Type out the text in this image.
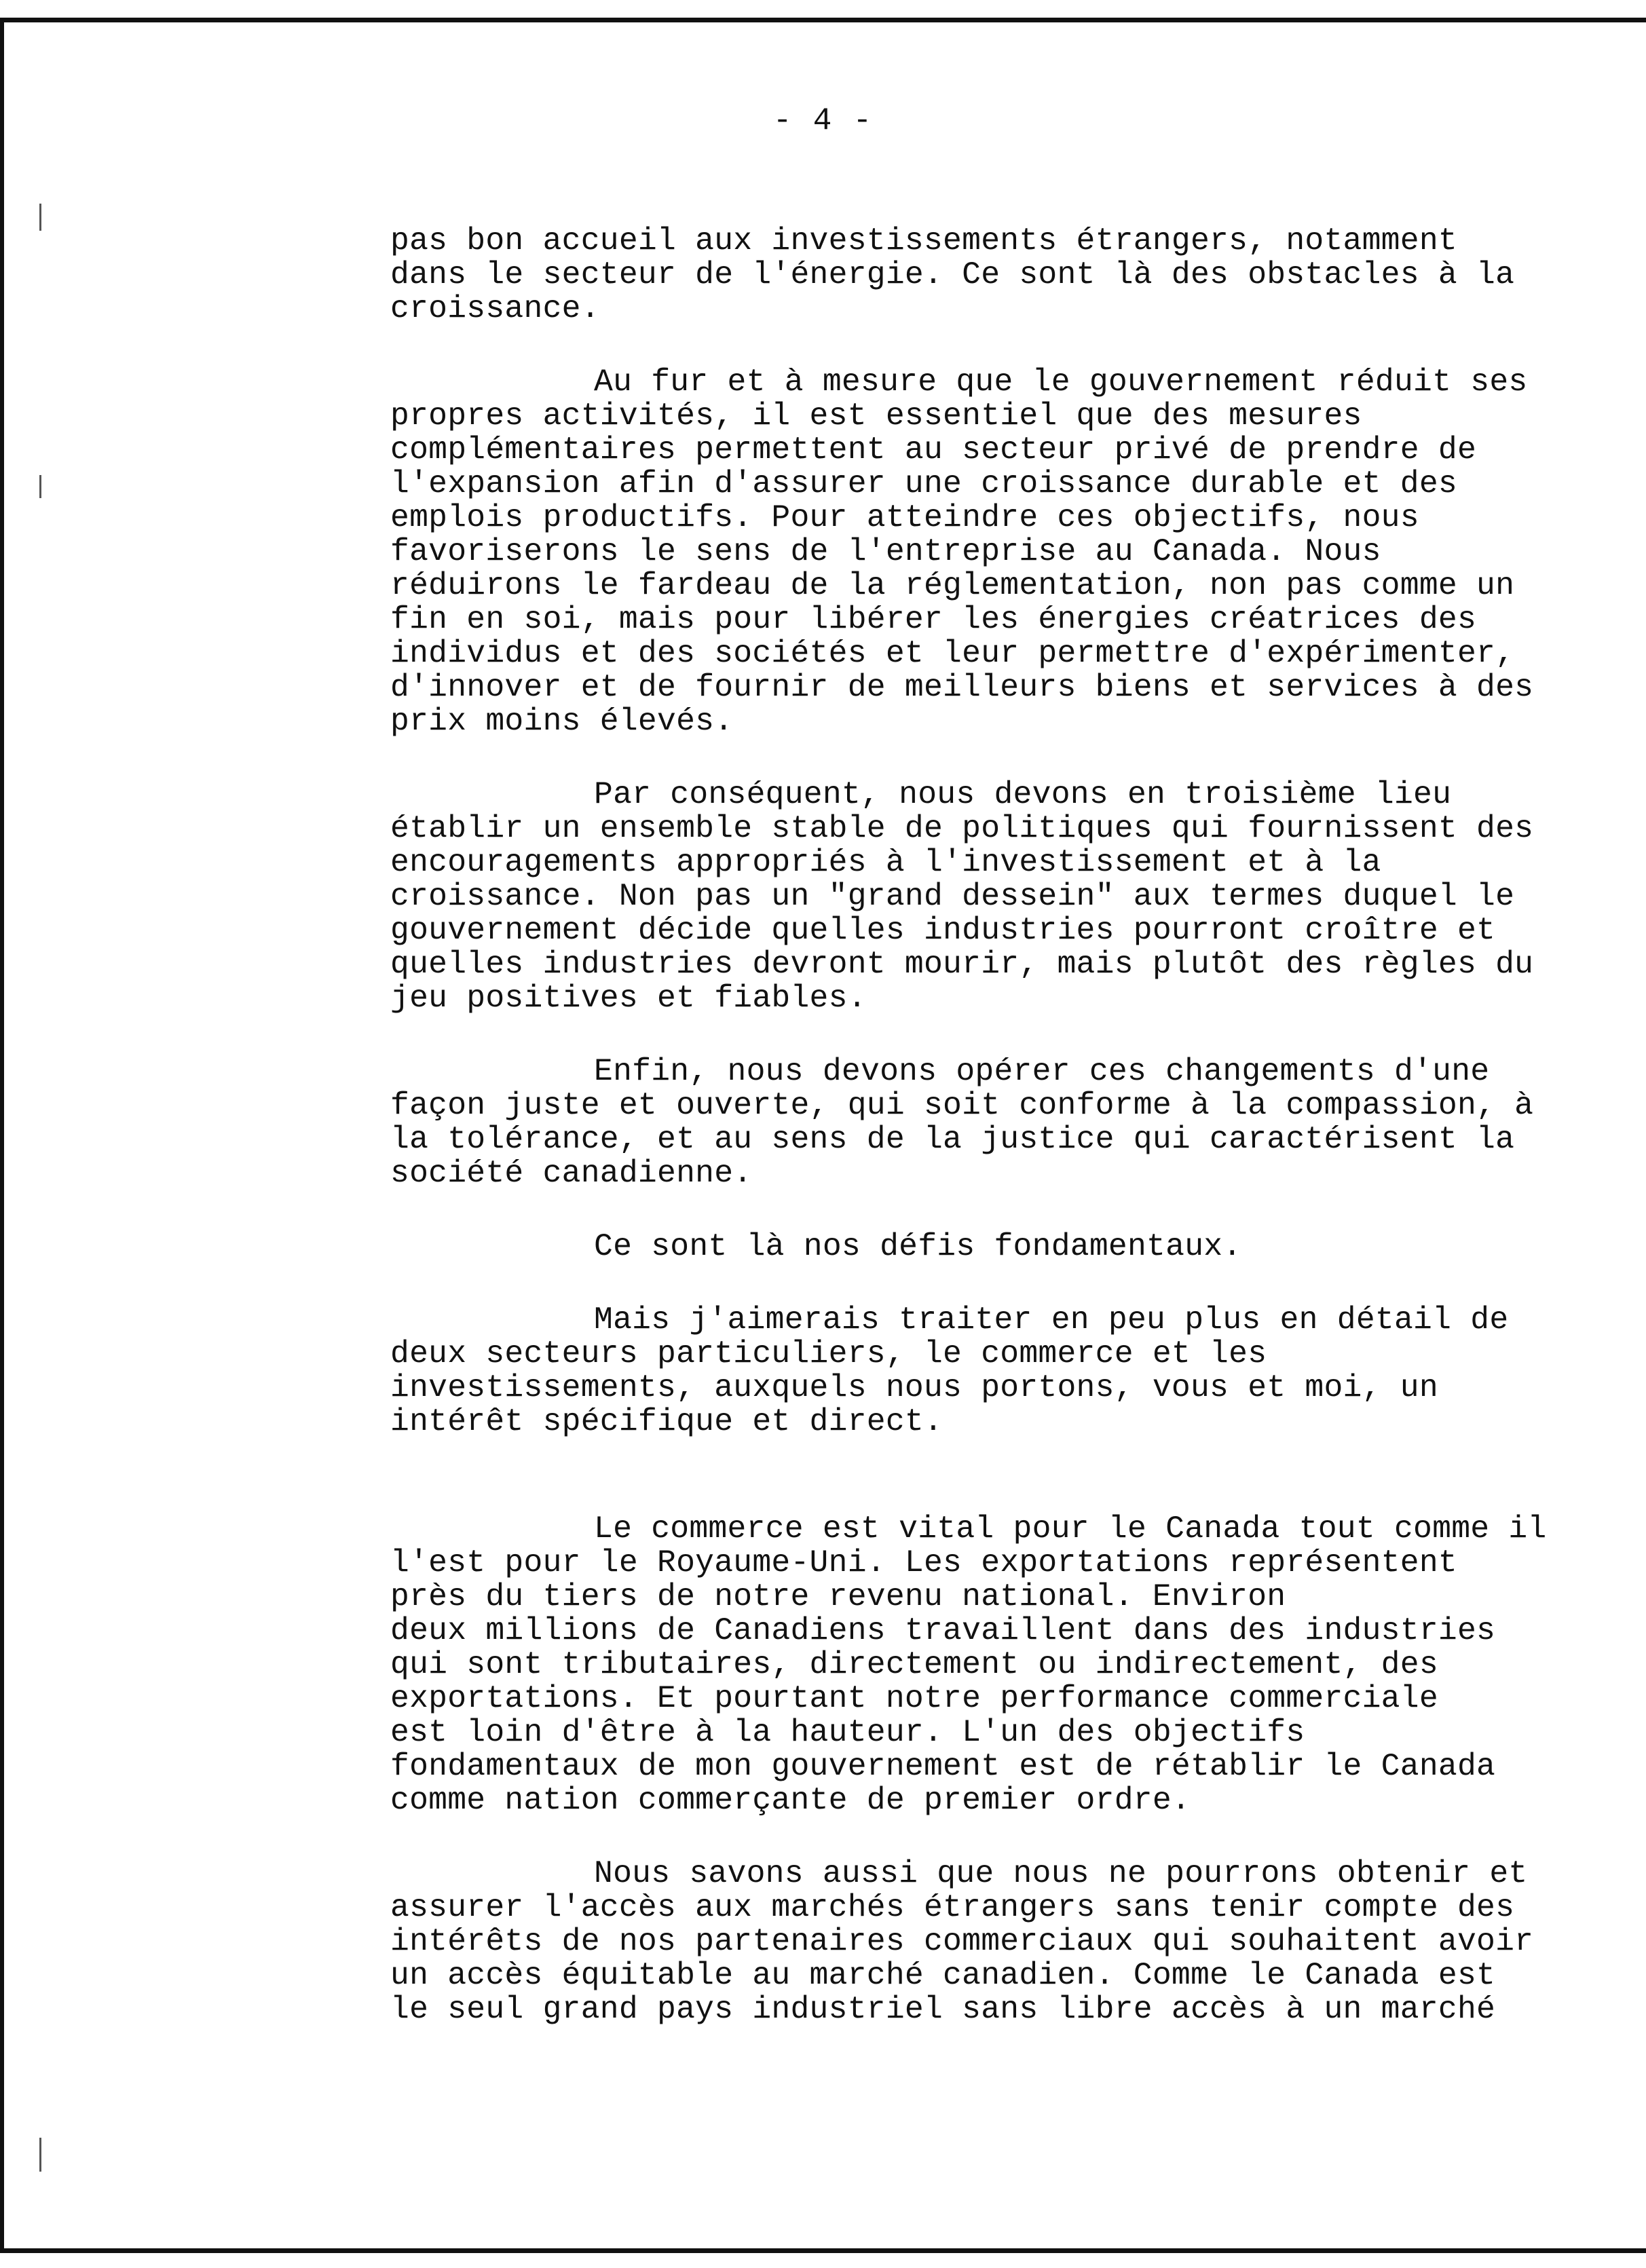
- 4 -

pas bon accueil aux investissements étrangers, notamment
dans le secteur de l'énergie. Ce sont là des obstacles à la
croissance.

Au fur et à mesure que le gouvernement réduit ses
propres activités, il est essentiel que des mesures
complémentaires permettent au secteur privé de prendre de
l'expansion afin d'assurer une croissance durable et des
emplois productifs. Pour atteindre ces objectifs, nous
favoriserons le sens de l'entreprise au Canada. Nous
réduirons le fardeau de la réglementation, non pas comme un
fin en soi, mais pour libérer les énergies créatrices des
individus et des sociétés et leur permettre d'expérimenter,
d'innover et de fournir de meilleurs biens et services à des
prix moins élevés.

Par conséquent, nous devons en troisième lieu
établir un ensemble stable de politiques qui fournissent des
encouragements appropriés à l'investissement et à la
croissance. Non pas un "grand dessein" aux termes duquel le
gouvernement décide quelles industries pourront croître et
quelles industries devront mourir, mais plutôt des règles du
jeu positives et fiables.

Enfin, nous devons opérer ces changements d'une
façon juste et ouverte, qui soit conforme à la compassion, à
la tolérance, et au sens de la justice qui caractérisent la
société canadienne.

Ce sont là nos défis fondamentaux.

Mais j'aimerais traiter en peu plus en détail de
deux secteurs particuliers, le commerce et les
investissements, auxquels nous portons, vous et moi, un
intérêt spécifique et direct.

Le commerce est vital pour le Canada tout comme il
l'est pour le Royaume-Uni. Les exportations représentent
près du tiers de notre revenu national. Environ
deux millions de Canadiens travaillent dans des industries
qui sont tributaires, directement ou indirectement, des
exportations. Et pourtant notre performance commerciale
est loin d'être à la hauteur. L'un des objectifs
fondamentaux de mon gouvernement est de rétablir le Canada
comme nation commerçante de premier ordre.

Nous savons aussi que nous ne pourrons obtenir et
assurer l'accès aux marchés étrangers sans tenir compte des
intérêts de nos partenaires commerciaux qui souhaitent avoir
un accès équitable au marché canadien. Comme le Canada est
le seul grand pays industriel sans libre accès à un marché
